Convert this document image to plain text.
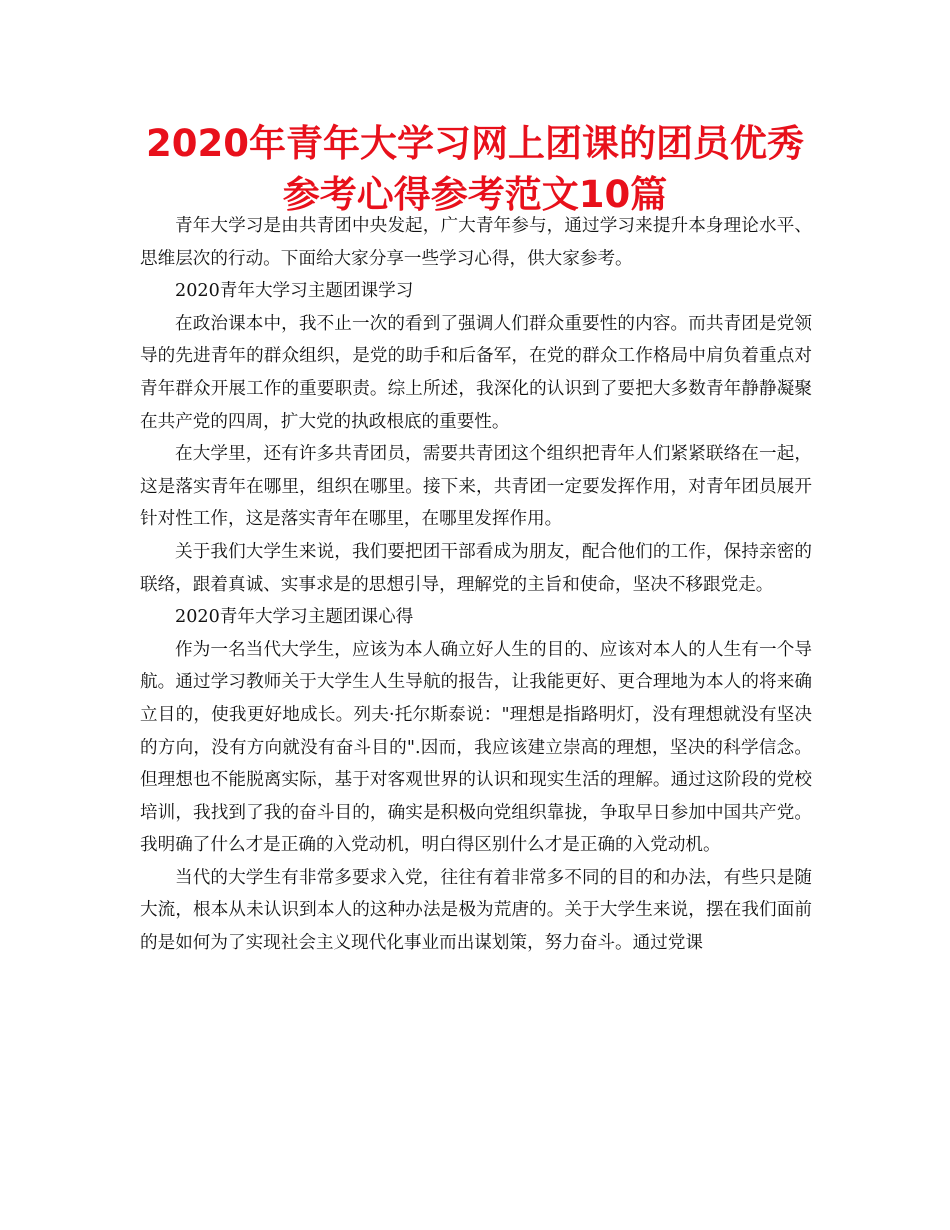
2020年青年大学习网上团课的团员优秀参考心得参考范文10篇

青年大学习是由共青团中央发起，广大青年参与，通过学习来提升本身理论水平、思维层次的行动。下面给大家分享一些学习心得，供大家参考。

2020青年大学习主题团课学习

在政治课本中，我不止一次的看到了强调人们群众重要性的内容。而共青团是党领导的先进青年的群众组织，是党的助手和后备军，在党的群众工作格局中肩负着重点对青年群众开展工作的重要职责。综上所述，我深化的认识到了要把大多数青年静静凝聚在共产党的四周，扩大党的执政根底的重要性。

在大学里，还有许多共青团员，需要共青团这个组织把青年人们紧紧联络在一起，这是落实青年在哪里，组织在哪里。接下来，共青团一定要发挥作用，对青年团员展开针对性工作，这是落实青年在哪里，在哪里发挥作用。

关于我们大学生来说，我们要把团干部看成为朋友，配合他们的工作，保持亲密的联络，跟着真诚、实事求是的思想引导，理解党的主旨和使命，坚决不移跟党走。

2020青年大学习主题团课心得

作为一名当代大学生，应该为本人确立好人生的目的、应该对本人的人生有一个导航。通过学习教师关于大学生人生导航的报告，让我能更好、更合理地为本人的将来确立目的，使我更好地成长。列夫·托尔斯泰说："理想是指路明灯，没有理想就没有坚决的方向，没有方向就没有奋斗目的".因而，我应该建立崇高的理想，坚决的科学信念。但理想也不能脱离实际，基于对客观世界的认识和现实生活的理解。通过这阶段的党校培训，我找到了我的奋斗目的，确实是积极向党组织靠拢，争取早日参加中国共产党。我明确了什么才是正确的入党动机，明白得区别什么才是正确的入党动机。

当代的大学生有非常多要求入党，往往有着非常多不同的目的和办法，有些只是随大流，根本从未认识到本人的这种办法是极为荒唐的。关于大学生来说，摆在我们面前的是如何为了实现社会主义现代化事业而出谋划策，努力奋斗。通过党课
